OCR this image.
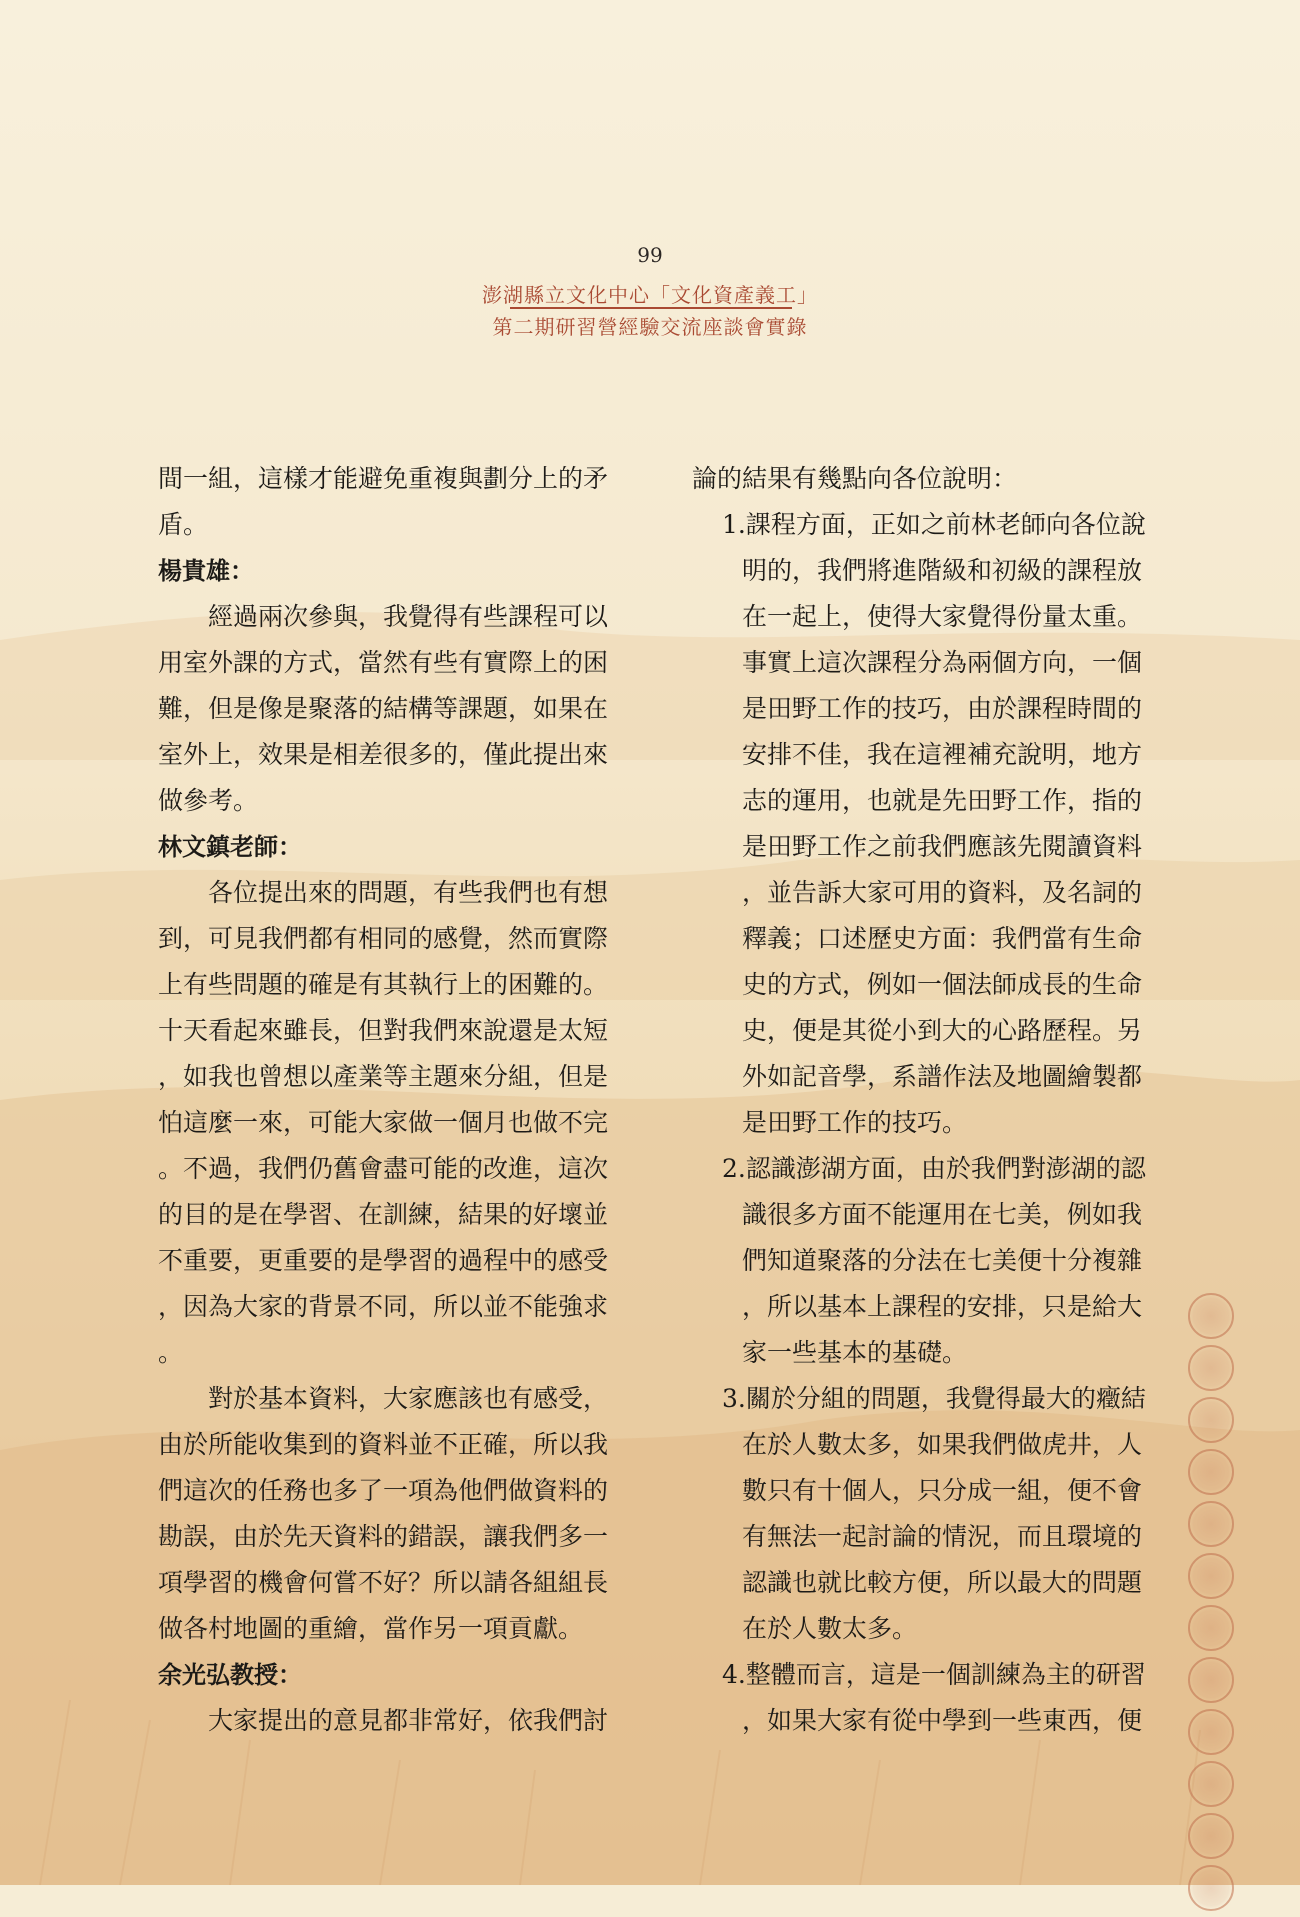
99
澎湖縣立文化中心「文化資產義工」
第二期研習營經驗交流座談會實錄
間一組，這樣才能避免重複與劃分上的矛
盾。
楊貴雄：
經過兩次參與，我覺得有些課程可以
用室外課的方式，當然有些有實際上的困
難，但是像是聚落的結構等課題，如果在
室外上，效果是相差很多的，僅此提出來
做參考。
林文鎮老師：
各位提出來的問題，有些我們也有想
到，可見我們都有相同的感覺，然而實際
上有些問題的確是有其執行上的困難的。
十天看起來雖長，但對我們來說還是太短
，如我也曾想以產業等主題來分組，但是
怕這麼一來，可能大家做一個月也做不完
。不過，我們仍舊會盡可能的改進，這次
的目的是在學習、在訓練，結果的好壞並
不重要，更重要的是學習的過程中的感受
，因為大家的背景不同，所以並不能強求
。
對於基本資料，大家應該也有感受，
由於所能收集到的資料並不正確，所以我
們這次的任務也多了一項為他們做資料的
勘誤，由於先天資料的錯誤，讓我們多一
項學習的機會何嘗不好？所以請各組組長
做各村地圖的重繪，當作另一項貢獻。
余光弘教授：
大家提出的意見都非常好，依我們討
論的結果有幾點向各位說明：
1.課程方面，正如之前林老師向各位說
明的，我們將進階級和初級的課程放
在一起上，使得大家覺得份量太重。
事實上這次課程分為兩個方向，一個
是田野工作的技巧，由於課程時間的
安排不佳，我在這裡補充說明，地方
志的運用，也就是先田野工作，指的
是田野工作之前我們應該先閱讀資料
，並告訴大家可用的資料，及名詞的
釋義；口述歷史方面：我們當有生命
史的方式，例如一個法師成長的生命
史，便是其從小到大的心路歷程。另
外如記音學，系譜作法及地圖繪製都
是田野工作的技巧。
2.認識澎湖方面，由於我們對澎湖的認
識很多方面不能運用在七美，例如我
們知道聚落的分法在七美便十分複雜
，所以基本上課程的安排，只是給大
家一些基本的基礎。
3.關於分組的問題，我覺得最大的癥結
在於人數太多，如果我們做虎井，人
數只有十個人，只分成一組，便不會
有無法一起討論的情況，而且環境的
認識也就比較方便，所以最大的問題
在於人數太多。
4.整體而言，這是一個訓練為主的研習
，如果大家有從中學到一些東西，便
